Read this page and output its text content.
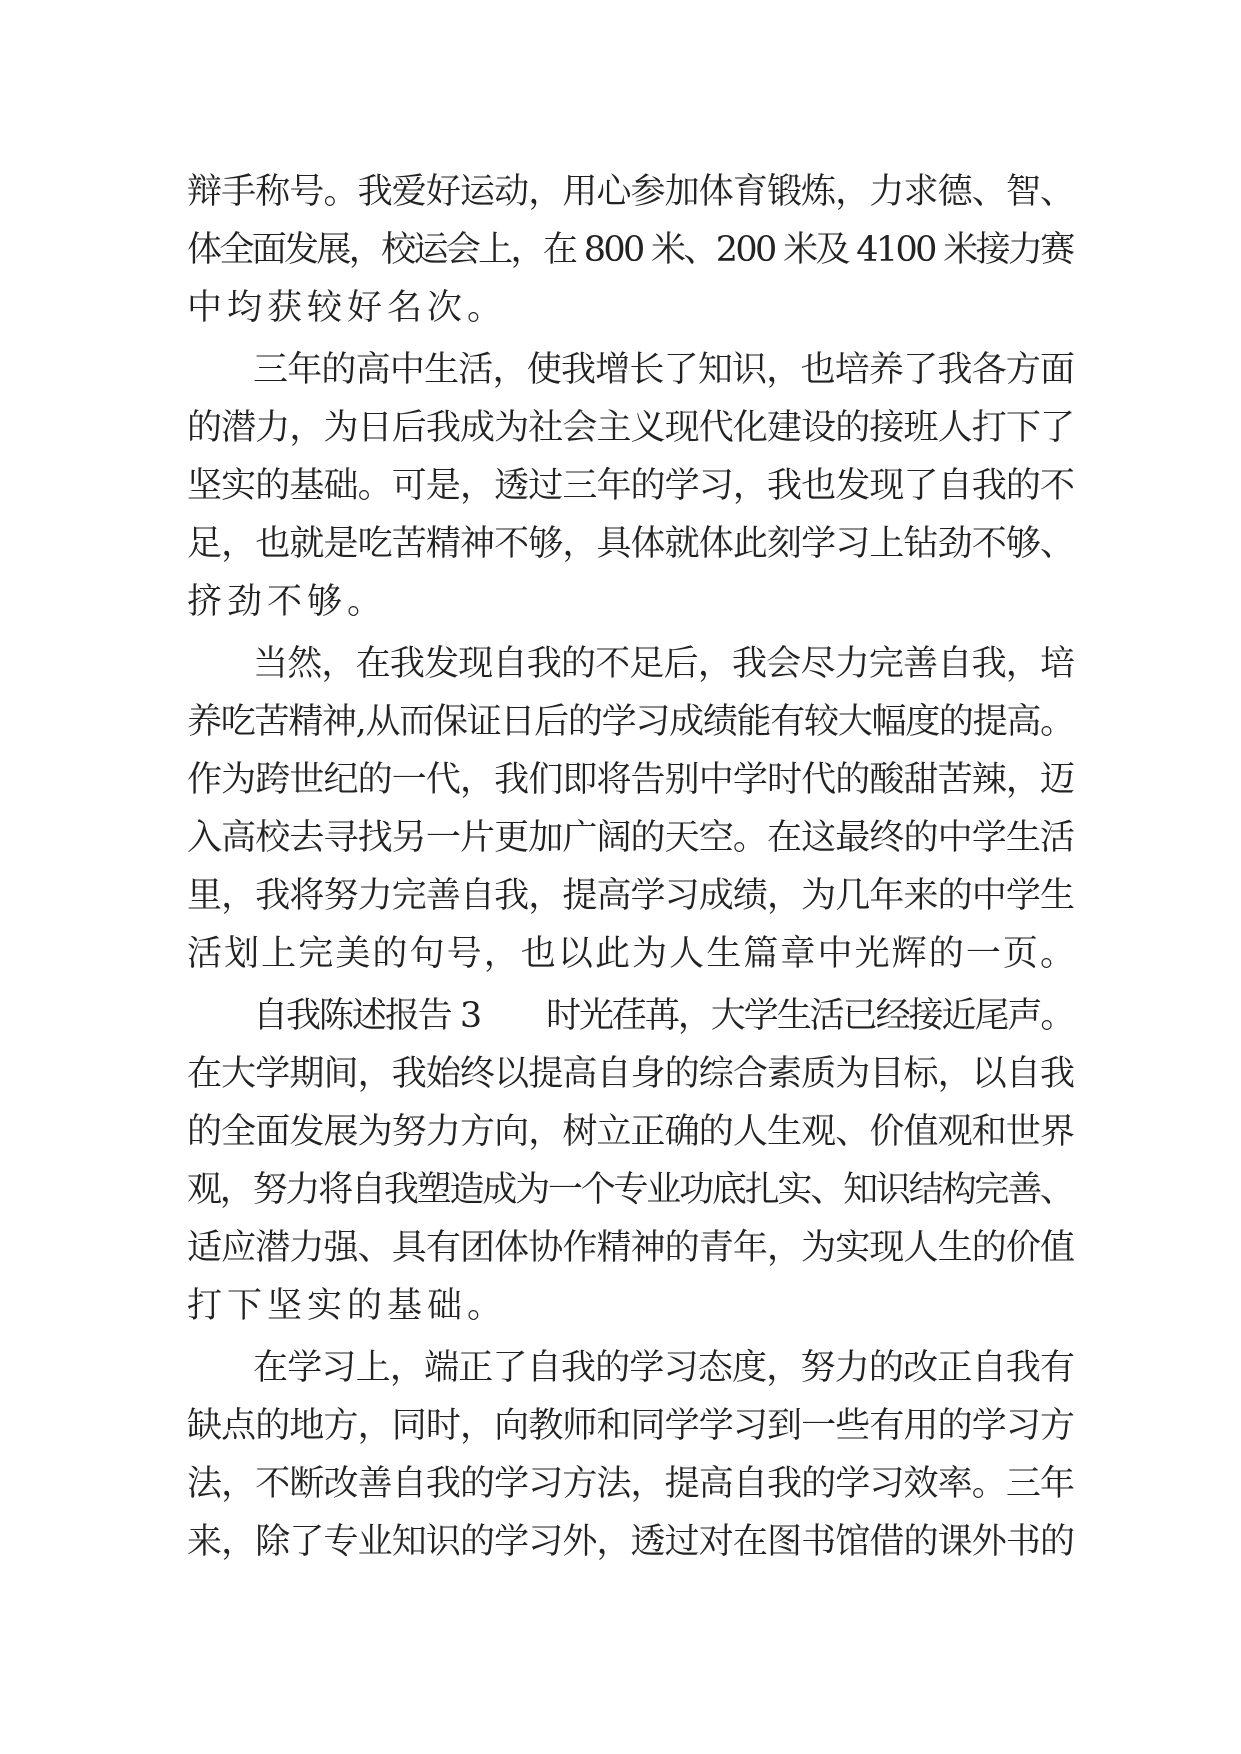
辩手称号。我爱好运动，用心参加体育锻炼，力求德、智、
体全面发展，校运会上，在 800 米、200 米及 4100 米接力赛
中均获较好名次。
三年的高中生活，使我增长了知识，也培养了我各方面
的潜力，为日后我成为社会主义现代化建设的接班人打下了
坚实的基础。可是，透过三年的学习，我也发现了自我的不
足，也就是吃苦精神不够，具体就体此刻学习上钻劲不够、
挤劲不够。
当然，在我发现自我的不足后，我会尽力完善自我，培
养吃苦精神,从而保证日后的学习成绩能有较大幅度的提高。
作为跨世纪的一代，我们即将告别中学时代的酸甜苦辣，迈
入高校去寻找另一片更加广阔的天空。在这最终的中学生活
里，我将努力完善自我，提高学习成绩，为几年来的中学生
活划上完美的句号，也以此为人生篇章中光辉的一页。
自我陈述报告 3　　时光荏苒，大学生活已经接近尾声。
在大学期间，我始终以提高自身的综合素质为目标，以自我
的全面发展为努力方向，树立正确的人生观、价值观和世界
观，努力将自我塑造成为一个专业功底扎实、知识结构完善、
适应潜力强、具有团体协作精神的青年，为实现人生的价值
打下坚实的基础。
在学习上，端正了自我的学习态度，努力的改正自我有
缺点的地方，同时，向教师和同学学习到一些有用的学习方
法，不断改善自我的学习方法，提高自我的学习效率。三年
来，除了专业知识的学习外，透过对在图书馆借的课外书的
